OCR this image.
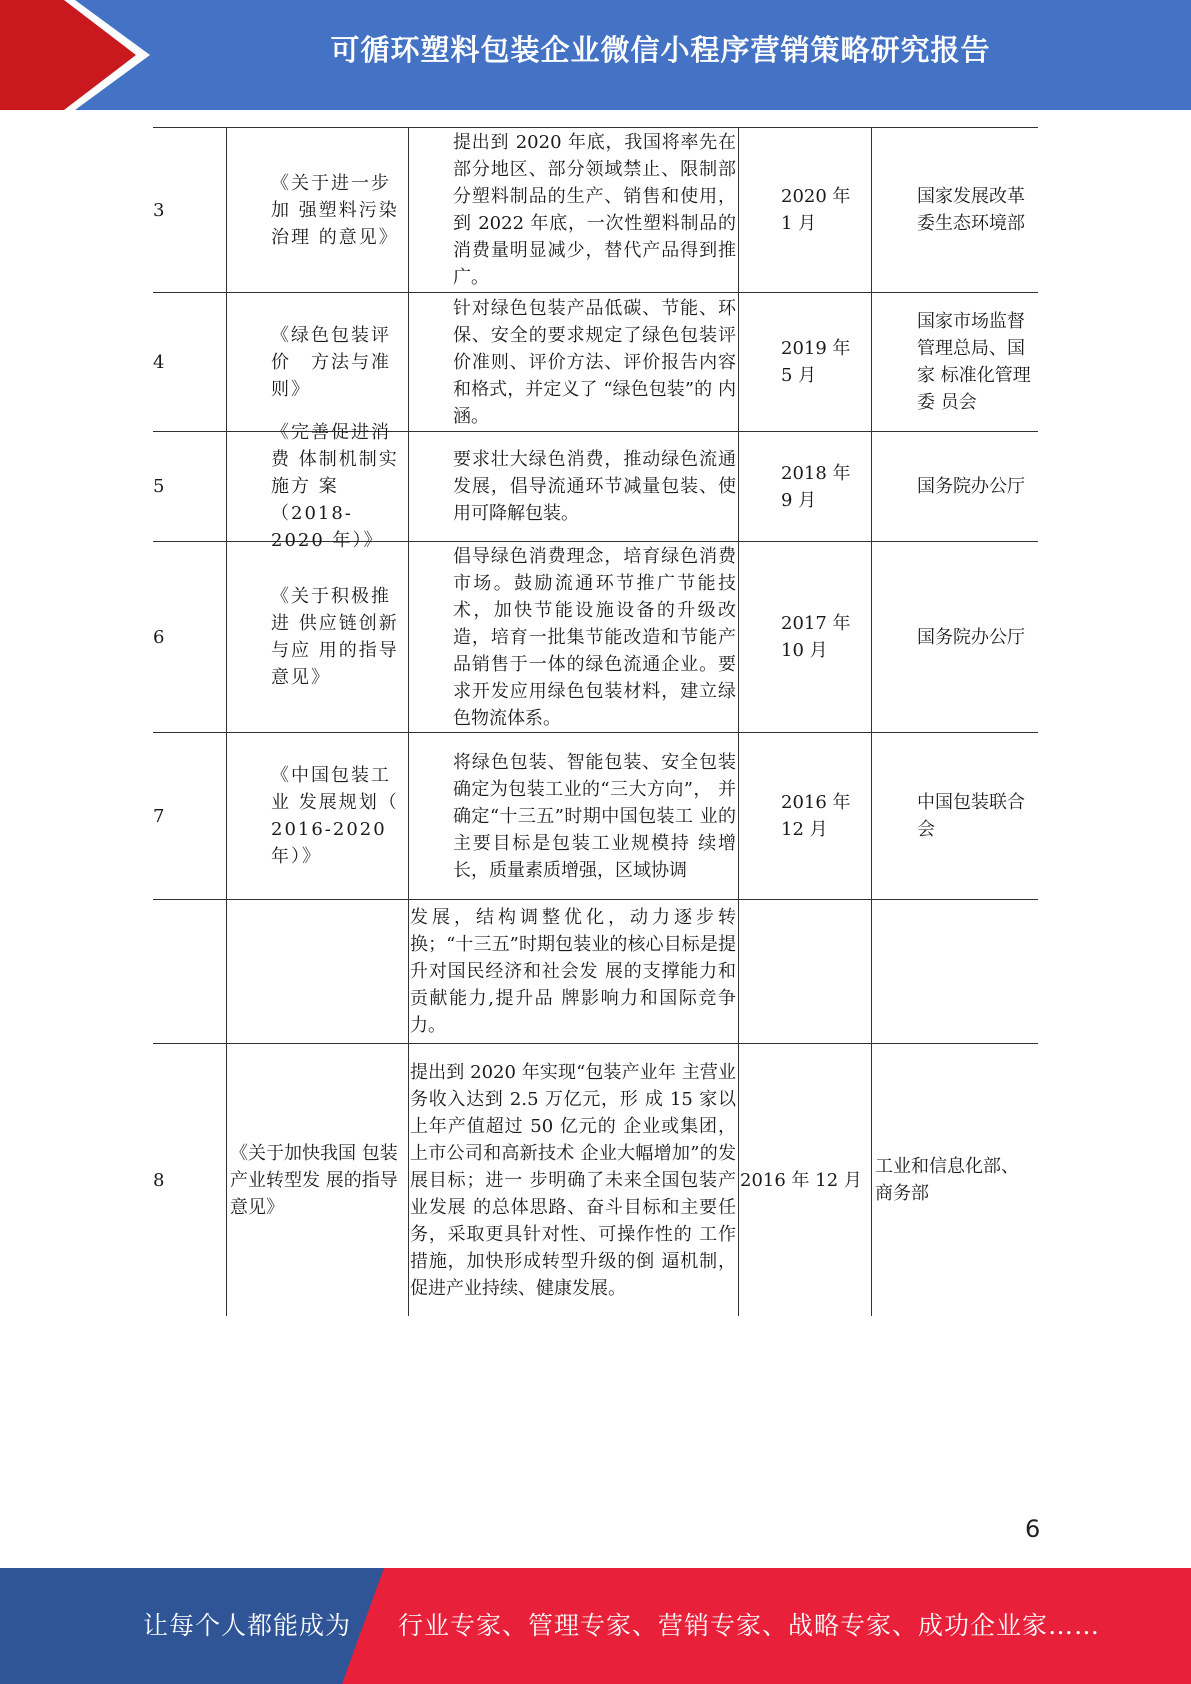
可循环塑料包装企业微信小程序营销策略研究报告
3
《关于进一步加 强塑料污染治理 的意见》
提出到 2020 年底，我国将率先在部分地区、部分领域禁止、限制部 分塑料制品的生产、销售和使用， 到 2022 年底，一次性塑料制品的 消费量明显减少，替代产品得到推 广。
2020 年 1 月
国家发展改革委生态环境部
4
《绿色包装评价　方法与准则》
针对绿色包装产品低碳、节能、环 保、安全的要求规定了绿色包装评 价准则、评价方法、评价报告内容 和格式，并定义了 “绿色包装”的 内涵。
2019 年 5 月
国家市场监督管理总局、国家 标准化管理委 员会
5
《完善促进消费 体制机制实施方 案（2018-2020 年）》
要求壮大绿色消费，推动绿色流通 发展，倡导流通环节减量包装、使 用可降解包装。
2018 年 9 月
国务院办公厅
6
《关于积极推进 供应链创新与应 用的指导意见》
倡导绿色消费理念，培育绿色消费 市场。鼓励流通环节推广节能技 术，加快节能设施设备的升级改 造，培育一批集节能改造和节能产 品销售于一体的绿色流通企业。要 求开发应用绿色包装材料，建立绿 色物流体系。
2017 年 10 月
国务院办公厅
7
《中国包装工业 发展规划（ 2016-2020 年）》
将绿色包装、智能包装、安全包装 确定为包装工业的“三大方向”， 并确定“十三五”时期中国包装工 业的主要目标是包装工业规模持 续增长，质量素质增强，区域协调
2016 年 12 月
中国包装联合会
发展，结构调整优化，动力逐步转换；“十三五”时期包装业的核心目标是提升对国民经济和社会发 展的支撑能力和贡献能力,提升品 牌影响力和国际竞争力。
8
《关于加快我国 包装产业转型发 展的指导意见》
提出到 2020 年实现“包装产业年 主营业务收入达到 2.5 万亿元，形 成 15 家以上年产值超过 50 亿元的 企业或集团，上市公司和高新技术 企业大幅增加”的发展目标；进一 步明确了未来全国包装产业发展 的总体思路、奋斗目标和主要任 务，采取更具针对性、可操作性的 工作措施，加快形成转型升级的倒 逼机制，促进产业持续、健康发展。
2016 年 12 月
工业和信息化部、商务部
6
让每个人都能成为 行业专家、管理专家、营销专家、战略专家、成功企业家……
